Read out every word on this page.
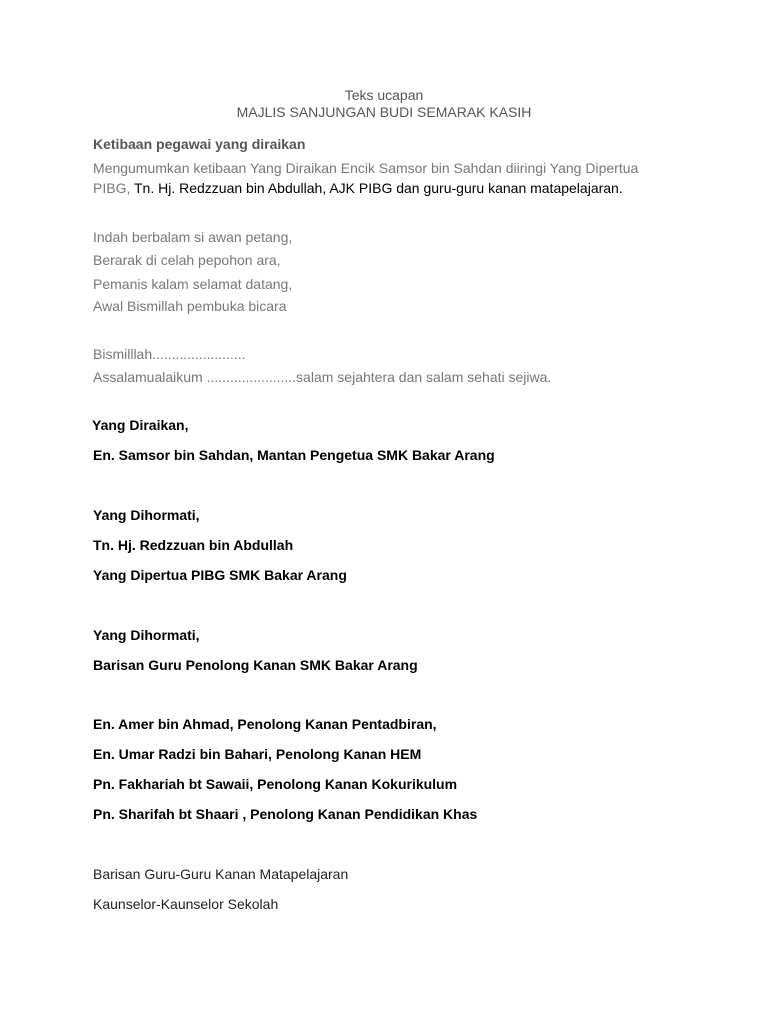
Teks ucapan
MAJLIS SANJUNGAN BUDI SEMARAK KASIH
Ketibaan pegawai yang diraikan
Mengumumkan ketibaan Yang Diraikan Encik Samsor bin Sahdan diiringi Yang Dipertua PIBG, Tn. Hj. Redzzuan bin Abdullah, AJK PIBG dan guru-guru kanan matapelajaran.
Indah berbalam si awan petang,
Berarak di celah pepohon ara,
Pemanis kalam selamat datang,
Awal Bismillah pembuka bicara
Bismilllah........................
Assalamualaikum .......................salam sejahtera dan salam sehati sejiwa.
Yang Diraikan,
En. Samsor bin Sahdan, Mantan Pengetua SMK Bakar Arang
Yang Dihormati,
Tn. Hj. Redzzuan bin Abdullah
Yang Dipertua PIBG SMK Bakar Arang
Yang Dihormati,
Barisan Guru Penolong Kanan SMK Bakar Arang
En. Amer bin Ahmad, Penolong Kanan Pentadbiran,
En. Umar Radzi bin Bahari, Penolong Kanan HEM
Pn. Fakhariah bt Sawaii, Penolong Kanan Kokurikulum
Pn. Sharifah bt Shaari , Penolong Kanan Pendidikan Khas
Barisan Guru-Guru Kanan Matapelajaran
Kaunselor-Kaunselor Sekolah
